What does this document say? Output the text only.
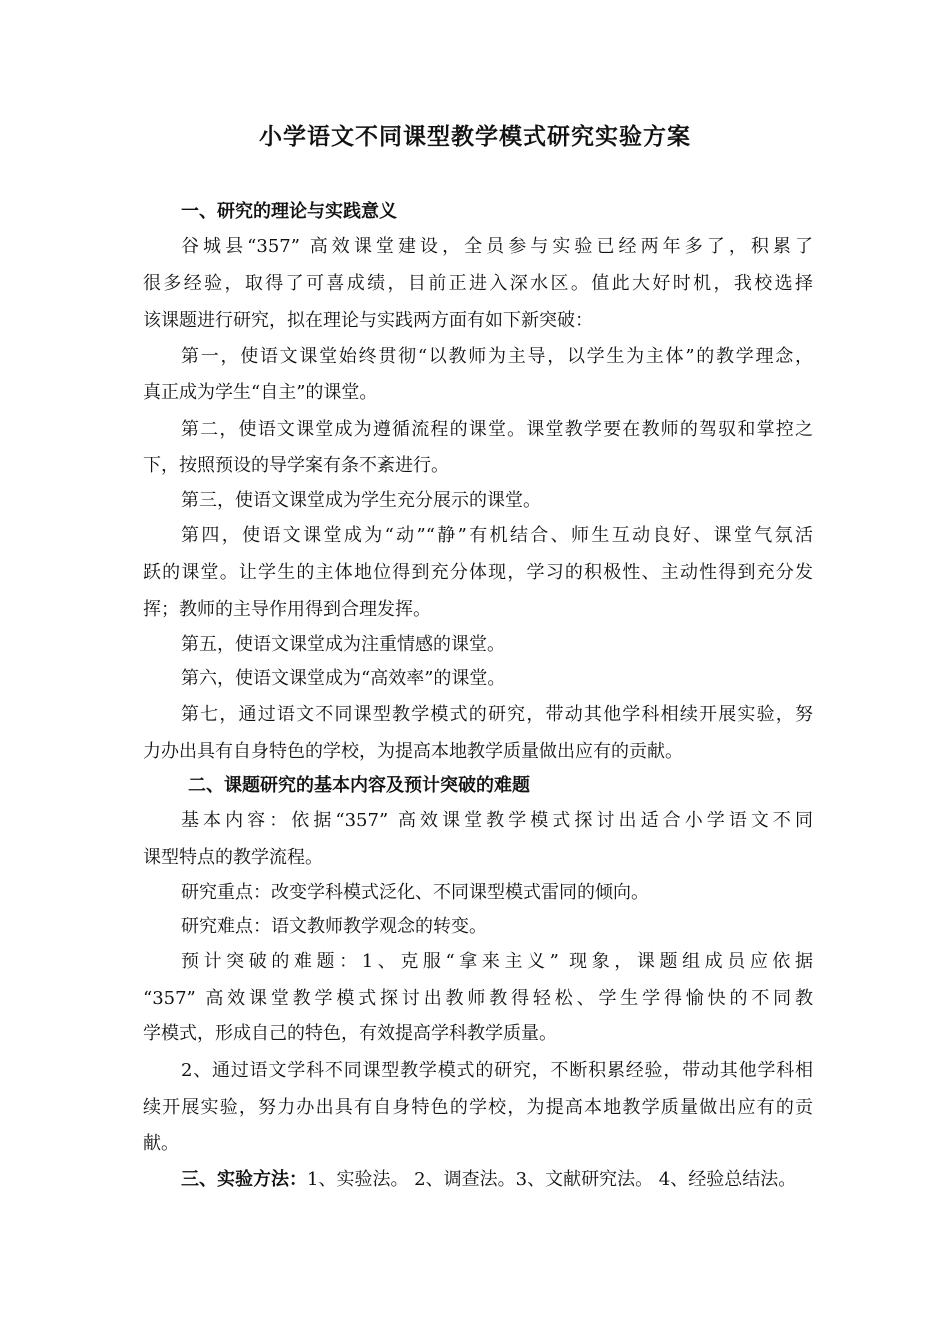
小学语文不同课型教学模式研究实验方案
一、研究的理论与实践意义
谷城县“357” 高效课堂建设，全员参与实验已经两年多了，积累了
很多经验，取得了可喜成绩，目前正进入深水区。值此大好时机，我校选择
该课题进行研究，拟在理论与实践两方面有如下新突破：
第一，使语文课堂始终贯彻“以教师为主导，以学生为主体”的教学理念，
真正成为学生“自主”的课堂。
第二，使语文课堂成为遵循流程的课堂。课堂教学要在教师的驾驭和掌控之
下，按照预设的导学案有条不紊进行。
第三，使语文课堂成为学生充分展示的课堂。
第四，使语文课堂成为“动”“静”有机结合、师生互动良好、课堂气氛活
跃的课堂。让学生的主体地位得到充分体现，学习的积极性、主动性得到充分发
挥；教师的主导作用得到合理发挥。
第五，使语文课堂成为注重情感的课堂。
第六，使语文课堂成为“高效率”的课堂。
第七，通过语文不同课型教学模式的研究，带动其他学科相续开展实验，努
力办出具有自身特色的学校，为提高本地教学质量做出应有的贡献。
二、课题研究的基本内容及预计突破的难题
基本内容：依据“357” 高效课堂教学模式探讨出适合小学语文不同
课型特点的教学流程。
研究重点：改变学科模式泛化、不同课型模式雷同的倾向。
研究难点：语文教师教学观念的转变。
预计突破的难题：1、克服“拿来主义” 现象，课题组成员应依据
“357” 高效课堂教学模式探讨出教师教得轻松、学生学得愉快的不同教
学模式，形成自己的特色，有效提高学科教学质量。
2、通过语文学科不同课型教学模式的研究，不断积累经验，带动其他学科相
续开展实验，努力办出具有自身特色的学校，为提高本地教学质量做出应有的贡
献。
三、实验方法：1、实验法。 2、调查法。3、文献研究法。 4、经验总结法。
